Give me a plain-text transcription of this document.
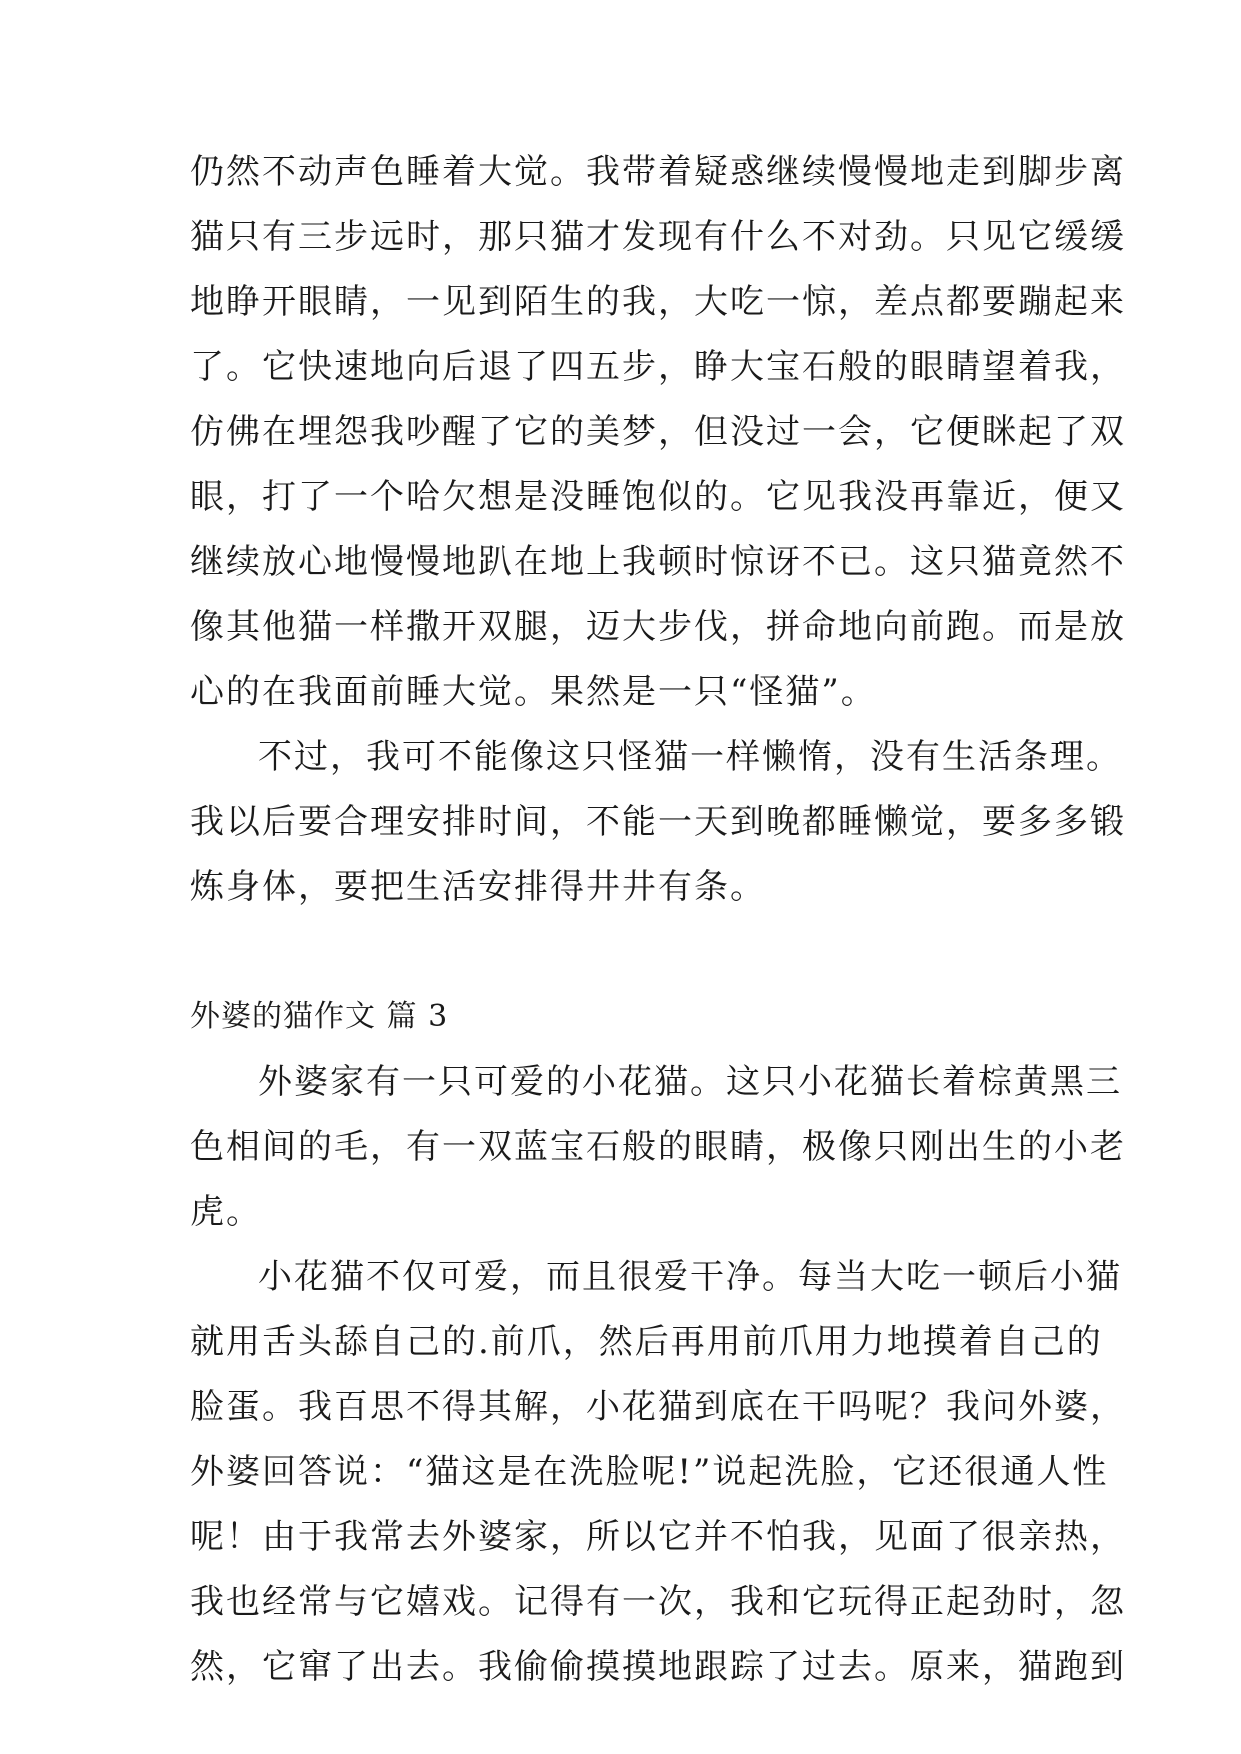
仍然不动声色睡着大觉。我带着疑惑继续慢慢地走到脚步离
猫只有三步远时，那只猫才发现有什么不对劲。只见它缓缓
地睁开眼睛，一见到陌生的我，大吃一惊，差点都要蹦起来
了。它快速地向后退了四五步，睁大宝石般的眼睛望着我，
仿佛在埋怨我吵醒了它的美梦，但没过一会，它便眯起了双
眼，打了一个哈欠想是没睡饱似的。它见我没再靠近，便又
继续放心地慢慢地趴在地上我顿时惊讶不已。这只猫竟然不
像其他猫一样撒开双腿，迈大步伐，拼命地向前跑。而是放
心的在我面前睡大觉。果然是一只“怪猫”。
不过，我可不能像这只怪猫一样懒惰，没有生活条理。
我以后要合理安排时间，不能一天到晚都睡懒觉，要多多锻
炼身体，要把生活安排得井井有条。
外婆的猫作文 篇 3
外婆家有一只可爱的小花猫。这只小花猫长着棕黄黑三
色相间的毛，有一双蓝宝石般的眼睛，极像只刚出生的小老
虎。
小花猫不仅可爱，而且很爱干净。每当大吃一顿后小猫
就用舌头舔自己的.前爪，然后再用前爪用力地摸着自己的
脸蛋。我百思不得其解，小花猫到底在干吗呢？我问外婆，
外婆回答说：“猫这是在洗脸呢!”说起洗脸，它还很通人性
呢！由于我常去外婆家，所以它并不怕我，见面了很亲热，
我也经常与它嬉戏。记得有一次，我和它玩得正起劲时，忽
然，它窜了出去。我偷偷摸摸地跟踪了过去。原来，猫跑到
